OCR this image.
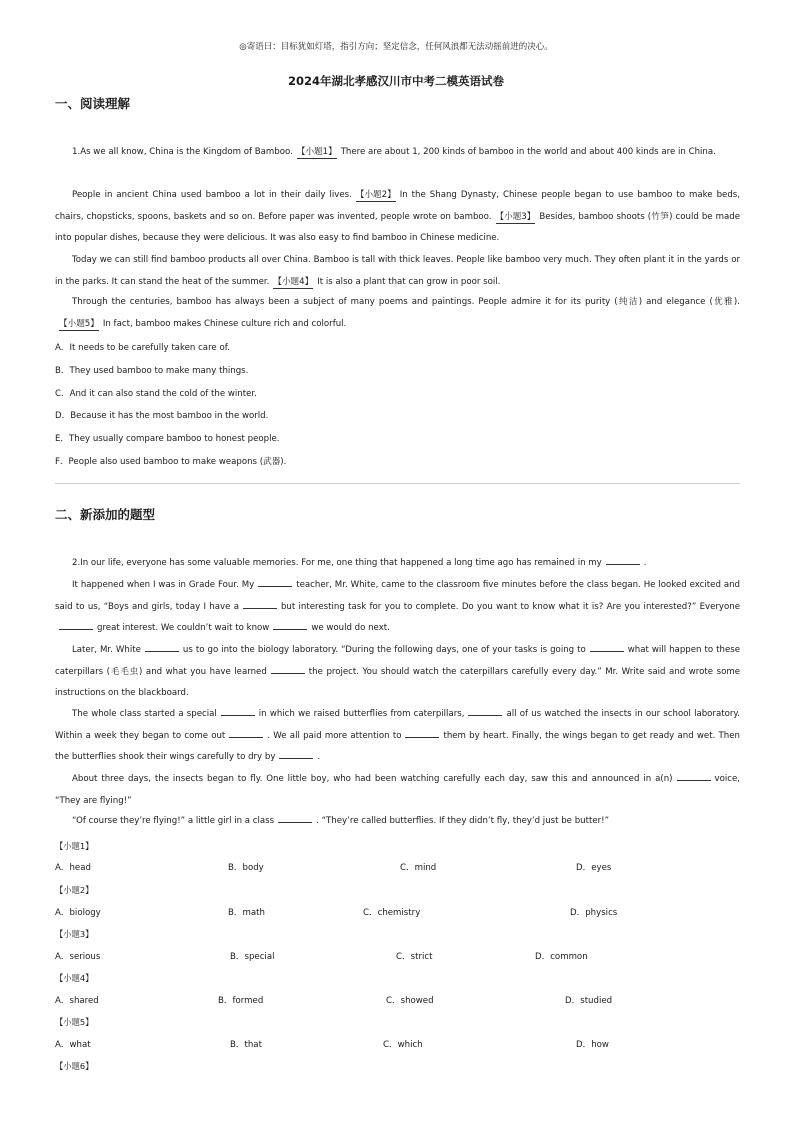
◎寄语曰：目标犹如灯塔，指引方向；坚定信念，任何风浪都无法动摇前进的决心。
2024年湖北孝感汉川市中考二模英语试卷
一、阅读理解

1.As we all know, China is the Kingdom of Bamboo. 【小题1】 There are about 1, 200 kinds of bamboo in the world and about 400 kinds are in China.

People in ancient China used bamboo a lot in their daily lives. 【小题2】 In the Shang Dynasty, Chinese people began to use bamboo to make beds, chairs, chopsticks, spoons, baskets and so on. Before paper was invented, people wrote on bamboo. 【小题3】 Besides, bamboo shoots (竹笋) could be made into popular dishes, because they were delicious. It was also easy to find bamboo in Chinese medicine.

Today we can still find bamboo products all over China. Bamboo is tall with thick leaves. People like bamboo very much. They often plant it in the yards or in the parks. It can stand the heat of the summer. 【小题4】 It is also a plant that can grow in poor soil.

Through the centuries, bamboo has always been a subject of many poems and paintings. People admire it for its purity (纯洁) and elegance (优雅).【小题5】 In fact, bamboo makes Chinese culture rich and colorful.

A．It needs to be carefully taken care of.
B．They used bamboo to make many things.
C．And it can also stand the cold of the winter.
D．Because it has the most bamboo in the world.
E．They usually compare bamboo to honest people.
F．People also used bamboo to make weapons (武器).
二、新添加的题型

2.In our life, everyone has some valuable memories. For me, one thing that happened a long time ago has remained in my	.

It happened when I was in Grade Four. My	teacher, Mr. White, came to the classroom five minutes before the class began. He looked excited and said to us, “Boys and girls, today I have a	but interesting task for you to complete. Do you want to know what it is? Are you interested?” Everyonegreat interest. We couldn’t wait to know	we would do next.

Later, Mr. White	us to go into the biology laboratory. “During the following days, one of your tasks is going to	what will happen to these caterpillars (毛毛虫) and what you have learned	the project. You should watch the caterpillars carefully every day.” Mr. Write said and wrote some instructions on the blackboard.

The whole class started a special	in which we raised butterflies from caterpillars,	all of us watched the insects in our school laboratory. Within a week they began to come out	. We all paid more attention to	them by heart. Finally, the wings began to get ready and wet. Then the butterflies shook their wings carefully to dry by	.

About three days, the insects began to fly. One little boy, who had been watching carefully each day, saw this and announced in a(n)	voice, “They are flying!”

“Of course they’re flying!” a little girl in a class	. “They’re called butterflies. If they didn’t fly, they’d just be butter!”

【小题1】
A．head	B．body	C．mind	D．eyes
【小题2】
A．biology	B．math	C．chemistry	D．physics
【小题3】
A．serious	B．special	C．strict	D．common
【小题4】
A．shared	B．formed	C．showed	D．studied
【小题5】
A．what	B．that	C．which	D．how
【小题6】
